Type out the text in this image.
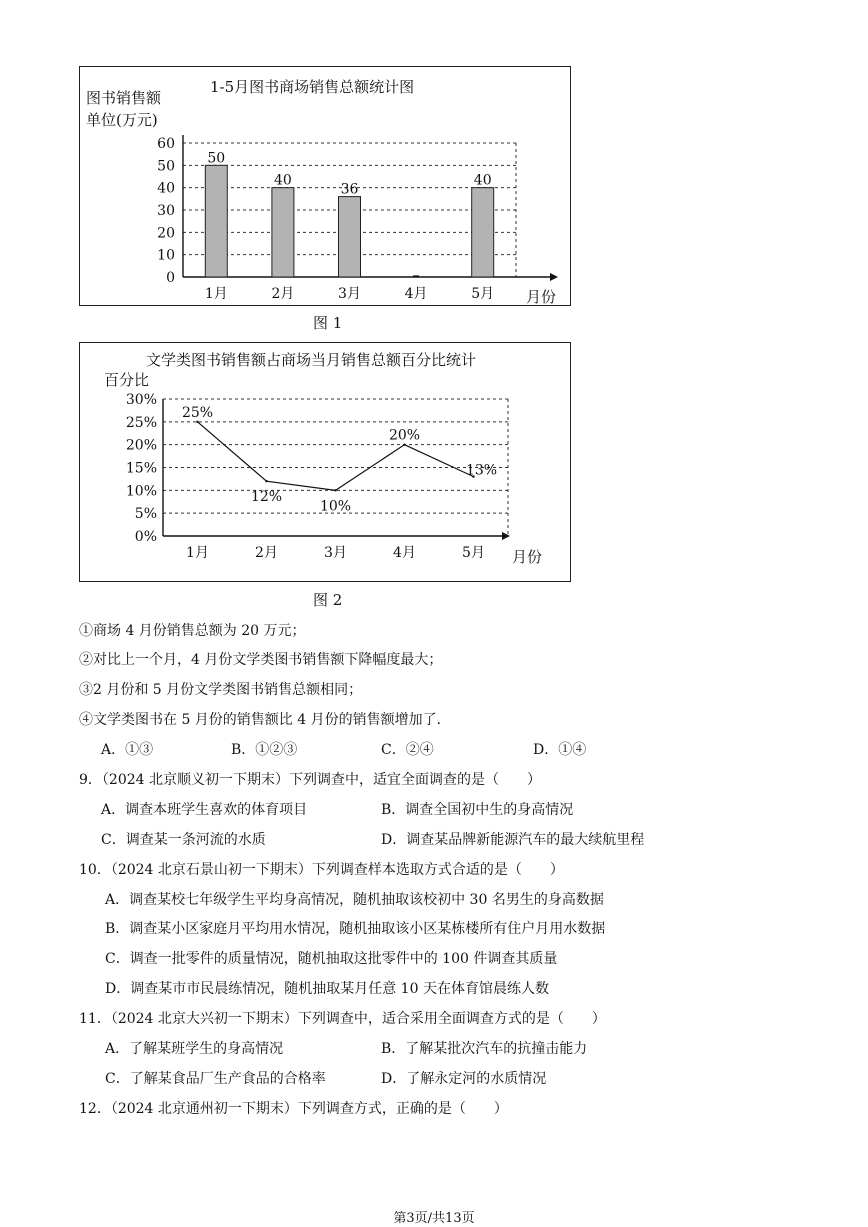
1-5月图书商场销售总额统计图
图书销售额
单位(万元)
月份
0
10
20
30
40
50
60
1月
50
2月
40
3月
36
4月	5月
40
图 1
文学类图书销售额占商场当月销售总额百分比统计
百分比
月份
0%
5%
10%
15%
20%
25%
30%
1月
25%
2月
12%
3月
10%
4月
20%
5月
13%
图 2
①商场 4 月份销售总额为 20 万元；
②对比上一个月，4 月份文学类图书销售额下降幅度最大；
③2 月份和 5 月份文学类图书销售总额相同；
④文学类图书在 5 月份的销售额比 4 月份的销售额增加了．
A．①③	B．①②③	C．②④	D．①④
9．（2024 北京顺义初一下期末）下列调查中，适宜全面调查的是（　　）
A．调查本班学生喜欢的体育项目	B．调查全国初中生的身高情况
C．调查某一条河流的水质	D．调查某品牌新能源汽车的最大续航里程
10．（2024 北京石景山初一下期末）下列调查样本选取方式合适的是（　　）
A．调查某校七年级学生平均身高情况，随机抽取该校初中 30 名男生的身高数据
B．调查某小区家庭月平均用水情况，随机抽取该小区某栋楼所有住户月用水数据
C．调查一批零件的质量情况，随机抽取这批零件中的 100 件调查其质量
D．调查某市市民晨练情况，随机抽取某月任意 10 天在体育馆晨练人数
11．（2024 北京大兴初一下期末）下列调查中，适合采用全面调查方式的是（　　）
A．了解某班学生的身高情况	B．了解某批次汽车的抗撞击能力
C．了解某食品厂生产食品的合格率	D．了解永定河的水质情况
12．（2024 北京通州初一下期末）下列调查方式，正确的是（　　）
第3页/共13页
